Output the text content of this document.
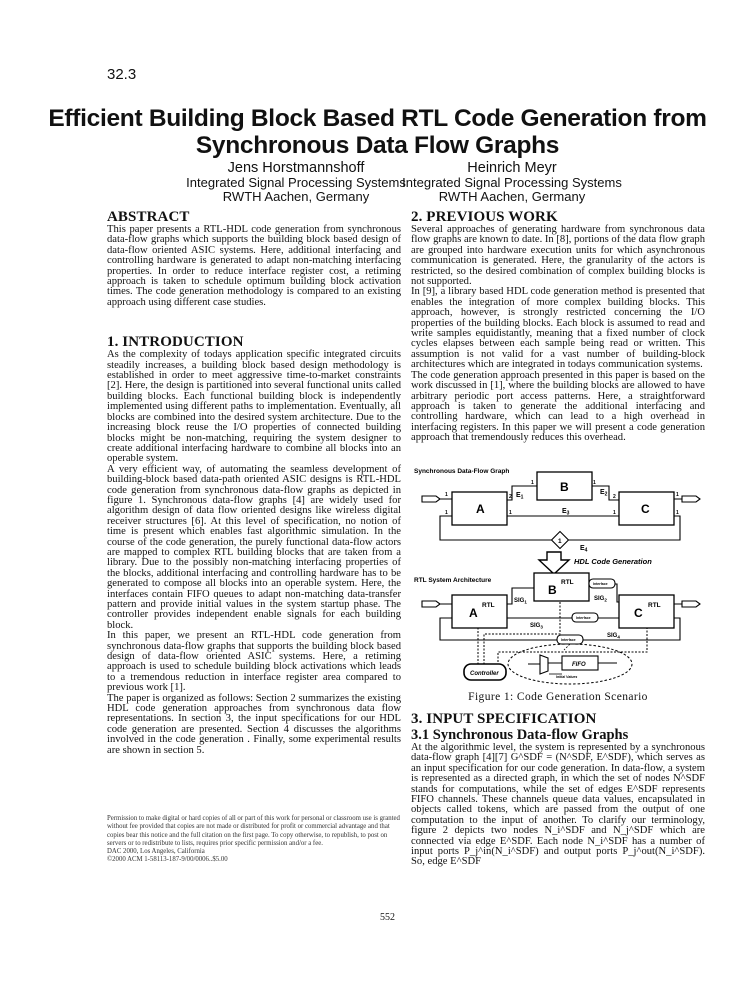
32.3
Efficient Building Block Based RTL Code Generation from Synchronous Data Flow Graphs
Jens Horstmannshoff
Integrated Signal Processing Systems
RWTH Aachen, Germany
Heinrich Meyr
Integrated Signal Processing Systems
RWTH Aachen, Germany
ABSTRACT

This paper presents a RTL-HDL code generation from synchronous data-flow graphs which supports the building block based design of data-flow oriented ASIC systems. Here, additional interfacing and controlling hardware is generated to adapt non-matching interfacing properties. In order to reduce interface register cost, a retiming approach is taken to schedule optimum building block activation times. The code generation methodology is compared to an existing approach using different case studies.

1. INTRODUCTION

As the complexity of todays application specific integrated circuits steadily increases, a building block based design methodology is established in order to meet aggressive time-to-market constraints [2]. Here, the design is partitioned into several functional units called building blocks. Each functional building block is independently implemented using different paths to implementation. Eventually, all blocks are combined into the desired system architecture. Due to the increasing block reuse the I/O properties of connected building blocks might be non-matching, requiring the system designer to create additional interfacing hardware to combine all blocks into an operable system.

A very efficient way, of automating the seamless development of building-block based data-path oriented ASIC designs is RTL-HDL code generation from synchronous data-flow graphs as depicted in figure 1. Synchronous data-flow graphs [4] are widely used for algorithm design of data flow oriented designs like wireless digital receiver structures [6]. At this level of specification, no notion of time is present which enables fast algorithmic simulation. In the course of the code generation, the purely functional data-flow actors are mapped to complex RTL building blocks that are taken from a library. Due to the possibly non-matching interfacing properties of the blocks, additional interfacing and controlling hardware has to be generated to compose all blocks into an operable system. Here, the interfaces contain FIFO queues to adapt non-matching data-transfer pattern and provide initial values in the system startup phase. The controller provides independent enable signals for each building block.

In this paper, we present an RTL-HDL code generation from synchronous data-flow graphs that supports the building block based design of data-flow oriented ASIC systems. Here, a retiming approach is used to schedule building block activations which leads to a tremendous reduction in interface register area compared to previous work [1].

The paper is organized as follows: Section 2 summarizes the existing HDL code generation approaches from synchronous data flow representations. In section 3, the input specifications for our HDL code generation are presented. Section 4 discusses the algorithms involved in the code generation . Finally, some experimental results are shown in section 5.

Permission to make digital or hard copies of all or part of this work for personal or classroom use is granted without fee provided that copies are not made or distributed for profit or commercial advantage and that copies bear this notice and the full citation on the first page. To copy otherwise, to republish, to post on servers or to redistribute to lists, requires prior specific permission and/or a fee.
DAC 2000, Los Angeles, California
©2000 ACM 1-58113-187-9/00/0006..$5.00
2. PREVIOUS WORK

Several approaches of generating hardware from synchronous data flow graphs are known to date. In [8], portions of the data flow graph are grouped into hardware execution units for which asynchronous communication is generated. Here, the granularity of the actors is restricted, so the desired combination of complex building blocks is not supported.

In [9], a library based HDL code generation method is presented that enables the integration of more complex building blocks. This approach, however, is strongly restricted concerning the I/O properties of the building blocks. Each block is assumed to read and write samples equidistantly, meaning that a fixed number of clock cycles elapses between each sample being read or written. This assumption is not valid for a vast number of building-block architectures which are integrated in todays communication systems.

The code generation approach presented in this paper is based on the work discussed in [1], where the building blocks are allowed to have arbitrary periodic port access patterns. Here, a straightforward approach is taken to generate the additional interfacing and controlling hardware, which can lead to a high overhead in interfacing registers. In this paper we will present a code generation approach that tremendously reduces this overhead.

Synchronous Data-Flow Graph
A
B
C
$E_1$
$E_2$
$E_3$
1
$E_4$
1
1
2
1
1	1
2
1
1
1
HDL Code Generation
RTL System Architecture
A
RTL
B
RTL
C
RTL
$SIG_1$
Interface
$SIG_2$
Interface
$SIG_3$
Interface
$SIG_4$
FIFO
Initial Values
Controller
Figure 1: Code Generation Scenario
3. INPUT SPECIFICATION
3.1 Synchronous Data-flow Graphs

At the algorithmic level, the system is represented by a synchronous data-flow graph [4][7] G^SDF = (N^SDF, E^SDF), which serves as an input specification for our code generation. In data-flow, a system is represented as a directed graph, in which the set of nodes N^SDF stands for computations, while the set of edges E^SDF represents FIFO channels. These channels queue data values, encapsulated in objects called tokens, which are passed from the output of one computation to the input of another. To clarify our terminology, figure 2 depicts two nodes N_i^SDF and N_j^SDF which are connected via edge E^SDF. Each node N_i^SDF has a number of input ports P_j^in(N_i^SDF) and output ports P_j^out(N_i^SDF). So, edge E^SDF

552
